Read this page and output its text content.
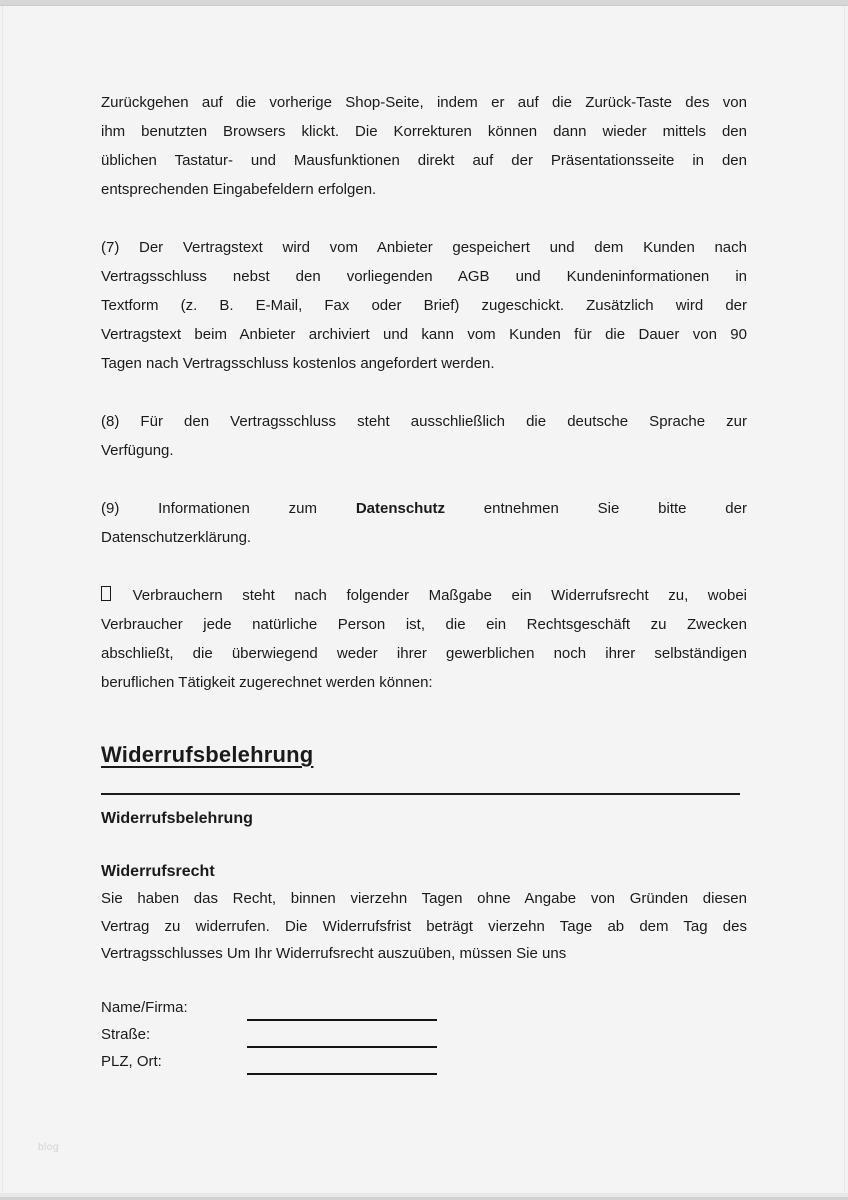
Zurückgehen auf die vorherige Shop-Seite, indem er auf die Zurück-Taste des von
ihm benutzten Browsers klickt. Die Korrekturen können dann wieder mittels den
üblichen Tastatur- und Mausfunktionen direkt auf der Präsentationsseite in den
entsprechenden Eingabefeldern erfolgen.
(7) Der Vertragstext wird vom Anbieter gespeichert und dem Kunden nach
Vertragsschluss nebst den vorliegenden AGB und Kundeninformationen in
Textform (z. B. E-Mail, Fax oder Brief) zugeschickt. Zusätzlich wird der
Vertragstext beim Anbieter archiviert und kann vom Kunden für die Dauer von 90
Tagen nach Vertragsschluss kostenlos angefordert werden.
(8) Für den Vertragsschluss steht ausschließlich die deutsche Sprache zur
Verfügung.
(9) Informationen zum Datenschutz entnehmen Sie bitte der
Datenschutzerklärung.
Verbrauchern steht nach folgender Maßgabe ein Widerrufsrecht zu, wobei
Verbraucher jede natürliche Person ist, die ein Rechtsgeschäft zu Zwecken
abschließt, die überwiegend weder ihrer gewerblichen noch ihrer selbständigen
beruflichen Tätigkeit zugerechnet werden können:
Widerrufsbelehrung
Widerrufsbelehrung
Widerrufsrecht
Sie haben das Recht, binnen vierzehn Tagen ohne Angabe von Gründen diesen
Vertrag zu widerrufen. Die Widerrufsfrist beträgt vierzehn Tage ab dem Tag des
Vertragsschlusses Um Ihr Widerrufsrecht auszuüben, müssen Sie uns
Name/Firma:
Straße:
PLZ, Ort:
blog
